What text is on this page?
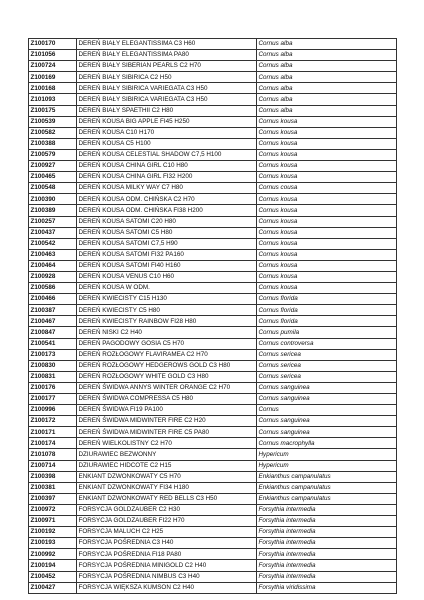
Z100170	DEREŃ BIAŁY ELEGANTISSIMA C3 H60	Cornus alba
Z101056	DEREŃ BIAŁY ELEGANTISSIMA PA80	Cornus alba
Z100724	DEREŃ BIAŁY SIBERIAN PEARLS C2 H70	Cornus alba
Z100169	DEREŃ BIAŁY SIBIRICA C2 H50	Cornus alba
Z100168	DEREŃ BIAŁY SIBIRICA VARIEGATA C3 H50	Cornus alba
Z101093	DEREŃ BIAŁY SIBIRICA VARIEGATA C3 H50	Cornus alba
Z100175	DEREŃ BIAŁY SPAETHII C2 H80	Cornus alba
Z100539	DEREŃ KOUSA BIG APPLE FI45 H250	Cornus kousa
Z100582	DEREŃ KOUSA C10 H170	Cornus kousa
Z100388	DEREŃ KOUSA C5 H100	Cornus kousa
Z100579	DEREŃ KOUSA CELESTIAL SHADOW C7,5 H100	Cornus kousa
Z100927	DEREŃ KOUSA CHINA GIRL C10 H80	Cornus kousa
Z100465	DEREŃ KOUSA CHINA GIRL FI32 H200	Cornus kousa
Z100548	DEREŃ KOUSA MILKY WAY C7 H80	Cornus cousa
Z100390	DEREŃ KOUSA ODM. CHIŃSKA C2 H70	Cornus kousa
Z100389	DEREŃ KOUSA ODM. CHIŃSKA FI38 H200	Cornus kousa
Z100257	DEREŃ KOUSA SATOMI C20 H80	Cornus kousa
Z100437	DEREŃ KOUSA SATOMI C5 H80	Cornus kousa
Z100542	DEREŃ KOUSA SATOMI C7,5 H90	Cornus kousa
Z100463	DEREŃ KOUSA SATOMI FI32 PA160	Cornus kousa
Z100464	DEREŃ KOUSA SATOMI FI40 H160	Cornus kousa
Z100928	DEREŃ KOUSA VENUS C10 H60	Cornus kousa
Z100586	DEREŃ KOUSA W ODM.	Cornus kousa
Z100466	DEREŃ KWIECISTY C15 H130	Cornus florida
Z100387	DEREŃ KWIECISTY C5 H80	Cornus florida
Z100467	DEREŃ KWIECISTY RAINBOW FI28 H80	Cornus florida
Z100847	DEREŃ NISKI C2 H40	Cornus pumila
Z100541	DEREŃ PAGODOWY GOSIA C5 H70	Cornus controversa
Z100173	DEREŃ ROZŁOGOWY FLAVIRAMEA C2 H70	Cornus sericea
Z100830	DEREŃ ROZŁOGOWY HEDGEROWS GOLD C3 H80	Cornus sericea
Z100831	DEREŃ ROZŁOGOWY WHITE GOLD C3 H80	Cornus sericea
Z100176	DEREŃ ŚWIDWA ANNYS WINTER ORANGE C2 H70	Cornus sanguinea
Z100177	DEREŃ ŚWIDWA COMPRESSA C5 H80	Cornus sanguinea
Z100996	DEREŃ ŚWIDWA FI19 PA100	Cornus
Z100172	DEREŃ ŚWIDWA MIDWINTER FIRE C2 H20	Cornus sanguinea
Z100171	DEREŃ ŚWIDWA MIDWINTER FIRE C5 PA80	Cornus sanguinea
Z100174	DEREŃ WIELKOLISTNY C2 H70	Cornus macrophylla
Z101078	DZIURAWIEC BEZWONNY	Hypericum
Z100714	DZIURAWIEC HIDCOTE C2 H15	Hypericum
Z100398	ENKIANT DZWONKOWATY C5 H70	Enkianthus campanulatus
Z100381	ENKIANT DZWONKOWATY FI34 H180	Enkianthus campanulatus
Z100397	ENKIANT DZWONKOWATY RED BELLS C3 H50	Enkianthus campanulatus
Z100972	FORSYCJA GOLDZAUBER C2 H30	Forsythia intermedia
Z100971	FORSYCJA GOLDZAUBER FI22 H70	Forsythia intermedia
Z100192	FORSYCJA MALUCH C2 H25	Forsythia intermedia
Z100193	FORSYCJA POŚREDNIA C3 H40	Forsythia intermedia
Z100992	FORSYCJA POŚREDNIA FI18 PA80	Forsythia intermedia
Z100194	FORSYCJA POŚREDNIA MINIGOLD C2 H40	Forsythia intermedia
Z100452	FORSYCJA POŚREDNIA NIMBUS C3 H40	Forsythia intermedia
Z100427	FORSYCJA WIĘKSZA KUMSON C2 H40	Forsythia viridissima
